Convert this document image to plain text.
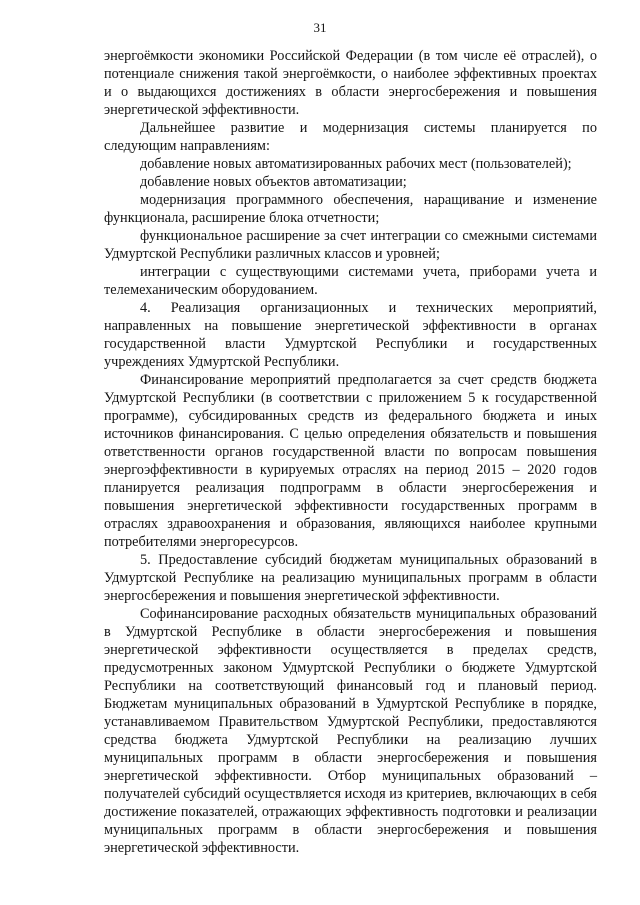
31

энергоёмкости экономики Российской Федерации (в том числе её отраслей), о потенциале снижения такой энергоёмкости, о наиболее эффективных проектах и о выдающихся достижениях в области энергосбережения и повышения энергетической эффективности.

Дальнейшее развитие и модернизация системы планируется по следующим направлениям:

добавление новых автоматизированных рабочих мест (пользователей);

добавление новых объектов автоматизации;

модернизация программного обеспечения, наращивание и изменение функционала, расширение блока отчетности;

функциональное расширение за счет интеграции со смежными системами Удмуртской Республики различных классов и уровней;

интеграции с существующими системами учета, приборами учета и телемеханическим оборудованием.

4. Реализация организационных и технических мероприятий, направленных на повышение энергетической эффективности в органах государственной власти Удмуртской Республики и государственных учреждениях Удмуртской Республики.

Финансирование мероприятий предполагается за счет средств бюджета Удмуртской Республики (в соответствии с приложением 5 к государственной программе), субсидированных средств из федерального бюджета и иных источников финансирования. С целью определения обязательств и повышения ответственности органов государственной власти по вопросам повышения энергоэффективности в курируемых отраслях на период 2015 – 2020 годов планируется реализация подпрограмм в области энергосбережения и повышения энергетической эффективности государственных программ в отраслях здравоохранения и образования, являющихся наиболее крупными потребителями энергоресурсов.

5. Предоставление субсидий бюджетам муниципальных образований в Удмуртской Республике на реализацию муниципальных программ в области энергосбережения и повышения энергетической эффективности.

Софинансирование расходных обязательств муниципальных образований в Удмуртской Республике в области энергосбережения и повышения энергетической эффективности осуществляется в пределах средств, предусмотренных законом Удмуртской Республики о бюджете Удмуртской Республики на соответствующий финансовый год и плановый период. Бюджетам муниципальных образований в Удмуртской Республике в порядке, устанавливаемом Правительством Удмуртской Республики, предоставляются средства бюджета Удмуртской Республики на реализацию лучших муниципальных программ в области энергосбережения и повышения энергетической эффективности. Отбор муниципальных образований – получателей субсидий осуществляется исходя из критериев, включающих в себя достижение показателей, отражающих эффективность подготовки и реализации муниципальных программ в области энергосбережения и повышения энергетической эффективности.
